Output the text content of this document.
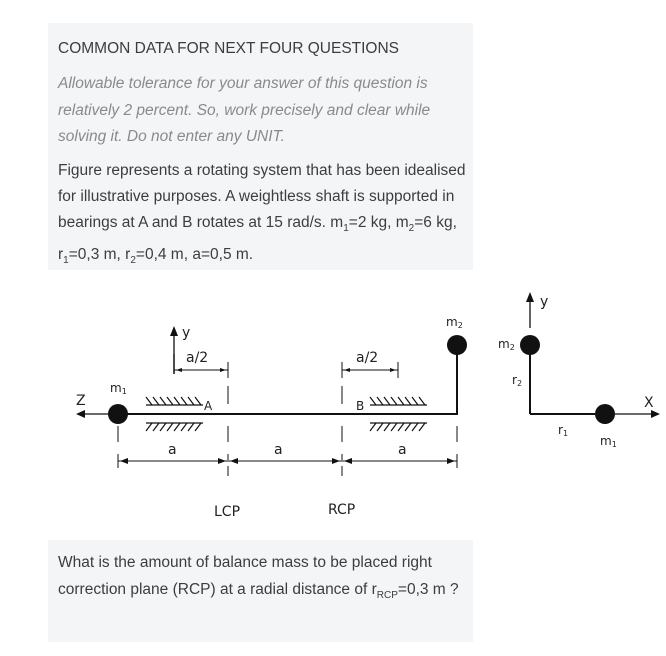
COMMON DATA FOR NEXT FOUR QUESTIONS
Allowable tolerance for your answer of this question is relatively 2 percent. So, work precisely and clear while solving it. Do not enter any UNIT.
Figure represents a rotating system that has been idealised for illustrative purposes. A weightless shaft is supported in bearings at A and B rotates at 15 rad/s. $m_1=2$ kg, $m_2=6$ kg, $r_1=0,3$ m, $r_2=0,4$ m, a=0,5 m.
Z
m1
y
a/2
A	B
a/2
m2
a	a	a
LCP	RCP
y
m2
r2
r1
m1
X
What is the amount of balance mass to be placed right correction plane (RCP) at a radial distance of $r_{RCP}=0,3$ m ?
